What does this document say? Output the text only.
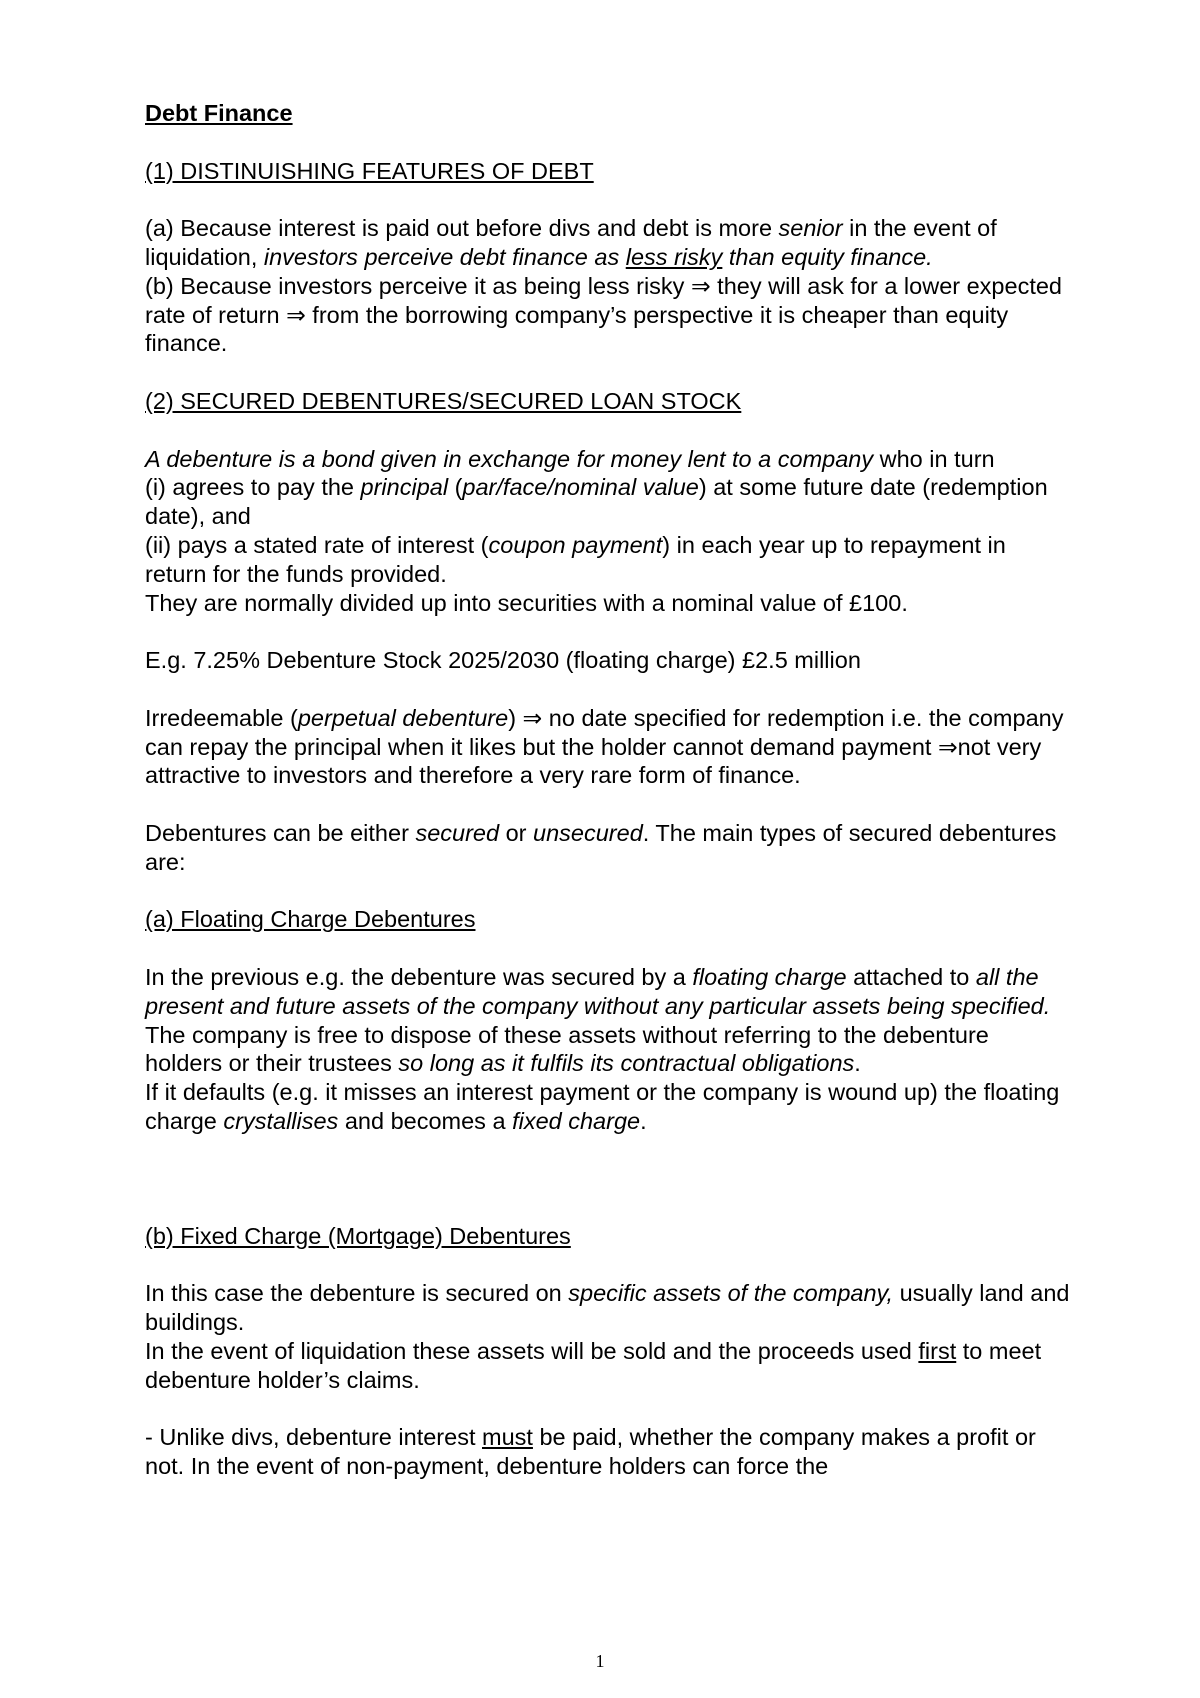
Debt Finance
(1) DISTINUISHING FEATURES OF DEBT
(a) Because interest is paid out before divs and debt is more senior in the event of liquidation, investors perceive debt finance as less risky than equity finance.
(b) Because investors perceive it as being less risky ⇒ they will ask for a lower expected rate of return ⇒ from the borrowing company’s perspective it is cheaper than equity finance.
(2) SECURED DEBENTURES/SECURED LOAN STOCK
A debenture is a bond given in exchange for money lent to a company who in turn
(i) agrees to pay the principal (par/face/nominal value) at some future date (redemption date), and
(ii) pays a stated rate of interest (coupon payment) in each year up to repayment in return for the funds provided.
They are normally divided up into securities with a nominal value of £100.
E.g. 7.25% Debenture Stock 2025/2030 (floating charge) £2.5 million
Irredeemable (perpetual debenture) ⇒ no date specified for redemption i.e. the company can repay the principal when it likes but the holder cannot demand payment ⇒not very attractive to investors and therefore a very rare form of finance.
Debentures can be either secured or unsecured. The main types of secured debentures are:
(a) Floating Charge Debentures
In the previous e.g. the debenture was secured by a floating charge attached to all the present and future assets of the company without any particular assets being specified.
The company is free to dispose of these assets without referring to the debenture holders or their trustees so long as it fulfils its contractual obligations.
If it defaults (e.g. it misses an interest payment or the company is wound up) the floating charge crystallises and becomes a fixed charge.
(b) Fixed Charge (Mortgage) Debentures
In this case the debenture is secured on specific assets of the company, usually land and buildings.
In the event of liquidation these assets will be sold and the proceeds used first to meet debenture holder’s claims.
- Unlike divs, debenture interest must be paid, whether the company makes a profit or not. In the event of non-payment, debenture holders can force the
1
